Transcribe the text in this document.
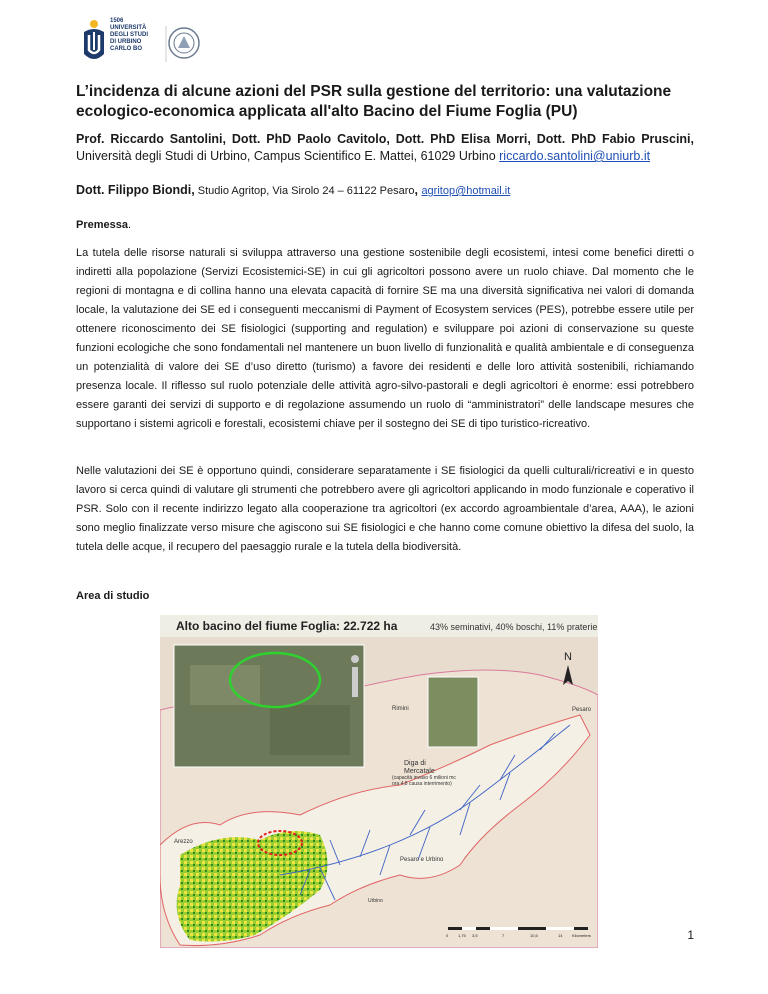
1506
UNIVERSITÀ
DEGLI STUDI
DI URBINO
CARLO BO
L’incidenza di alcune azioni del PSR sulla gestione del territorio: una valutazione ecologico-economica applicata all'alto Bacino del Fiume Foglia (PU)

Prof. Riccardo Santolini, Dott. PhD Paolo Cavitolo, Dott. PhD Elisa Morri, Dott. PhD Fabio Pruscini, Università degli Studi di Urbino, Campus Scientifico E. Mattei, 61029 Urbino riccardo.santolini@uniurb.it

Dott. Filippo Biondi, Studio Agritop, Via Sirolo 24 – 61122 Pesaro, agritop@hotmail.it

Premessa.

La tutela delle risorse naturali si sviluppa attraverso una gestione sostenibile degli ecosistemi, intesi come benefici diretti o indiretti alla popolazione (Servizi Ecosistemici-SE) in cui gli agricoltori possono avere un ruolo chiave. Dal momento che le regioni di montagna e di collina hanno una elevata capacità di fornire SE ma una diversità significativa nei valori di domanda locale, la valutazione dei SE ed i conseguenti meccanismi di Payment of Ecosystem services (PES), potrebbe essere utile per ottenere riconoscimento dei SE fisiologici (supporting and regulation) e sviluppare poi azioni di conservazione su queste funzioni ecologiche che sono fondamentali nel mantenere un buon livello di funzionalità e qualità ambientale e di conseguenza un potenzialità di valore dei SE d’uso diretto (turismo) a favore dei residenti e delle loro attività sostenibili, richiamando presenza locale. Il riflesso sul ruolo potenziale delle attività agro-silvo-pastorali e degli agricoltori è enorme: essi potrebbero essere garanti dei servizi di supporto e di regolazione assumendo un ruolo di “amministratori” delle landscape mesures che supportano i sistemi agricoli e forestali, ecosistemi chiave per il sostegno dei SE di tipo turistico-ricreativo.

Nelle valutazioni dei SE è opportuno quindi, considerare separatamente i SE fisiologici da quelli culturali/ricreativi e in questo lavoro si cerca quindi di valutare gli strumenti che potrebbero avere gli agricoltori applicando in modo funzionale e coperativo il PSR. Solo con il recente indirizzo legato alla cooperazione tra agricoltori (ex accordo agroambientale d’area, AAA), le azioni sono meglio finalizzate verso misure che agiscono sui SE fisiologici e che hanno come comune obiettivo la difesa del suolo, la tutela delle acque, il recupero del paesaggio rurale e la tutela della biodiversità.

Area di studio

Alto bacino del fiume Foglia: 22.722 ha	43% seminativi, 40% boschi, 11% praterie
N
Rimini	Pesaro
Diga di Mercatale
(capacità invaso 6 milioni mc ora 4,8 causa interrimento)
Arezzo
Pesaro e Urbino
Urbino
0 1,75 3,5	7	10,5	14 Kilometers	1
